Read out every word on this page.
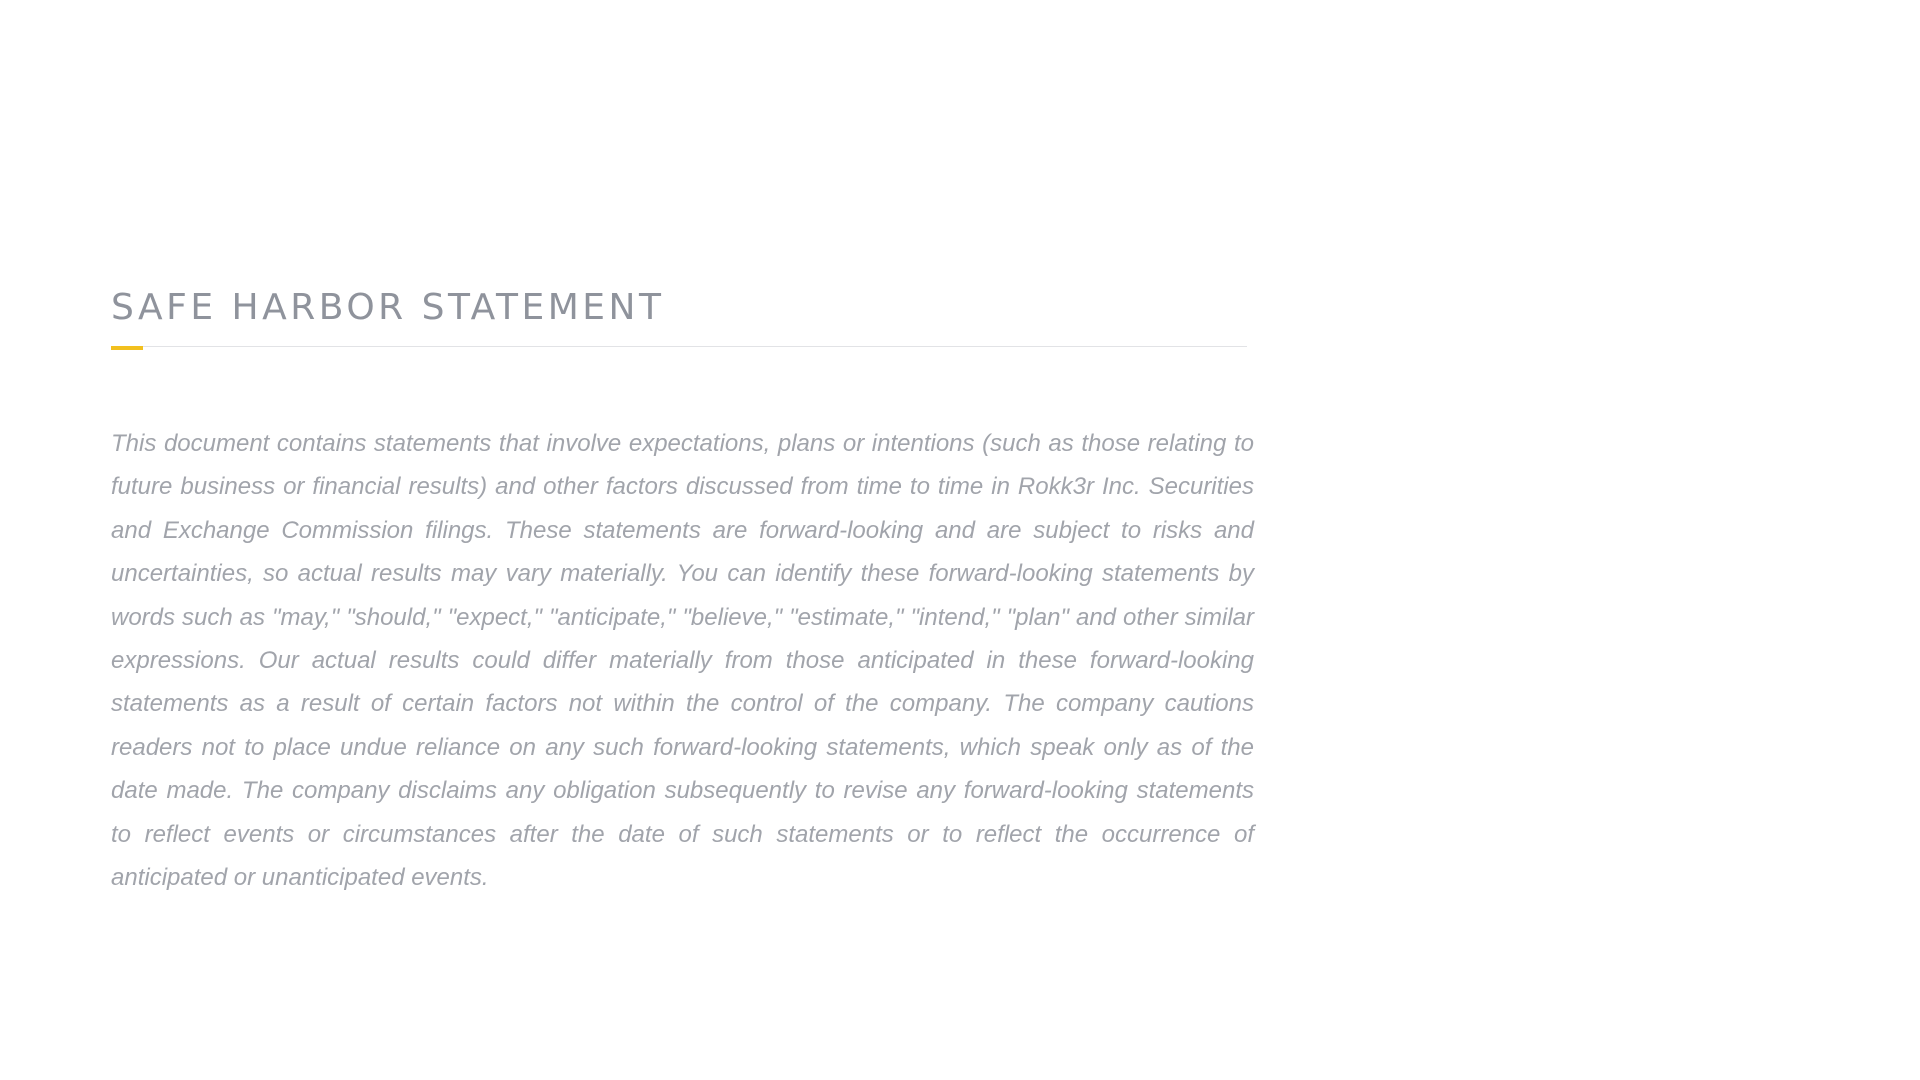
SAFE HARBOR STATEMENT

This document contains statements that involve expectations, plans or intentions (such as those relating to future business or financial results) and other factors discussed from time to time in Rokk3r Inc. Securities and Exchange Commission filings. These statements are forward-looking and are subject to risks and uncertainties, so actual results may vary materially. You can identify these forward-looking statements by words such as "may," "should," "expect," "anticipate," "believe," "estimate," "intend," "plan" and other similar expressions. Our actual results could differ materially from those anticipated in these forward-looking statements as a result of certain factors not within the control of the company. The company cautions readers not to place undue reliance on any such forward-looking statements, which speak only as of the date made. The company disclaims any obligation subsequently to revise any forward-looking statements to reflect events or circumstances after the date of such statements or to reflect the occurrence of anticipated or unanticipated events.
